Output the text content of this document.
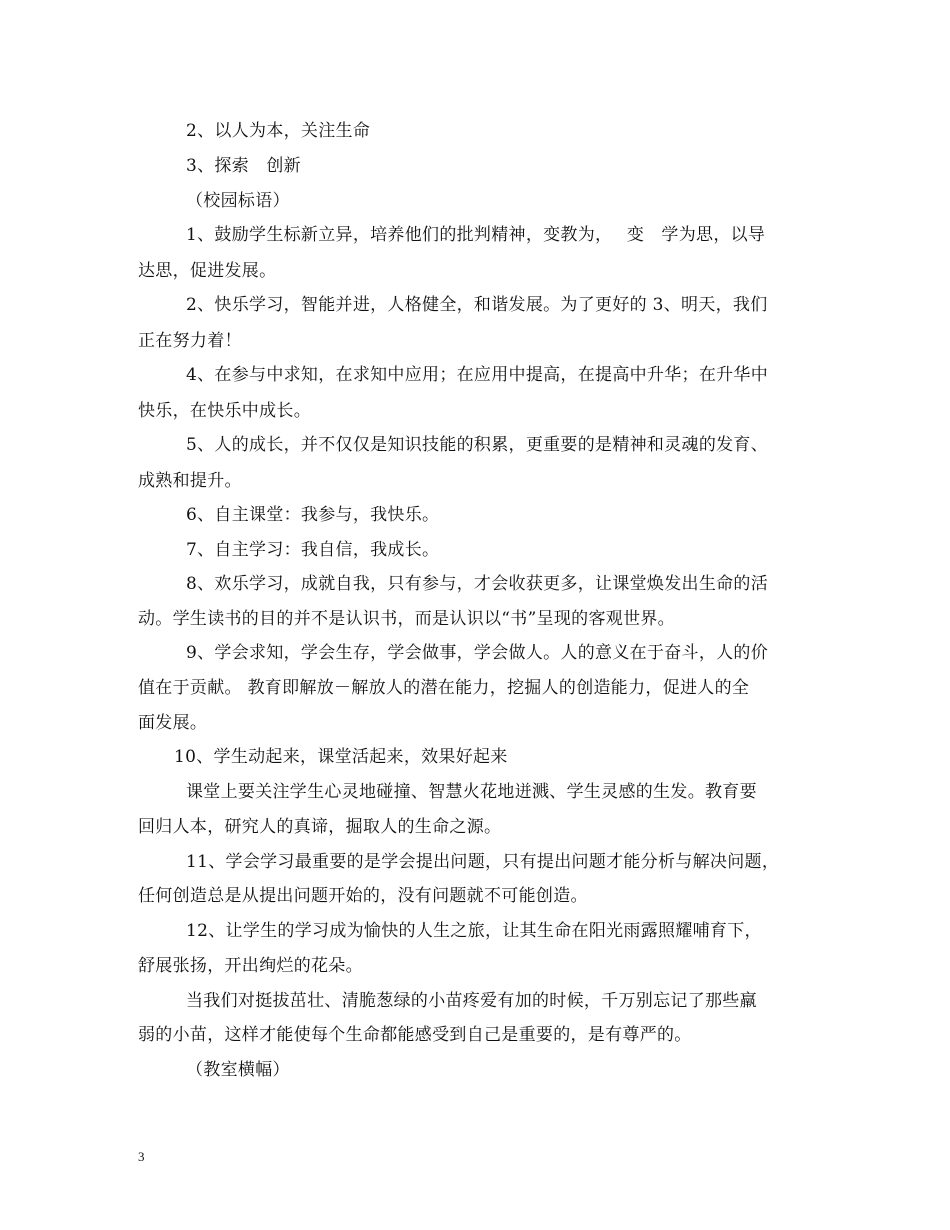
2、以人为本，关注生命
3、探索　创新
（校园标语）
1、鼓励学生标新立异，培养他们的批判精神，变教为，　 变　学为思，以导
达思，促进发展。
2、快乐学习，智能并进，人格健全，和谐发展。为了更好的 3、明天，我们
正在努力着！
4、在参与中求知，在求知中应用；在应用中提高，在提高中升华；在升华中
快乐，在快乐中成长。
5、人的成长，并不仅仅是知识技能的积累，更重要的是精神和灵魂的发育、
成熟和提升。
6、自主课堂：我参与，我快乐。
7、自主学习：我自信，我成长。
8、欢乐学习，成就自我，只有参与，才会收获更多，让课堂焕发出生命的活
动。学生读书的目的并不是认识书，而是认识以“书”呈现的客观世界。
9、学会求知，学会生存，学会做事，学会做人。人的意义在于奋斗，人的价
值在于贡献。 教育即解放－解放人的潜在能力，挖掘人的创造能力，促进人的全
面发展。
10、学生动起来，课堂活起来，效果好起来
课堂上要关注学生心灵地碰撞、智慧火花地迸溅、学生灵感的生发。教育要
回归人本，研究人的真谛，掘取人的生命之源。
11、学会学习最重要的是学会提出问题，只有提出问题才能分析与解决问题，
任何创造总是从提出问题开始的，没有问题就不可能创造。
12、让学生的学习成为愉快的人生之旅，让其生命在阳光雨露照耀哺育下，
舒展张扬，开出绚烂的花朵。
当我们对挺拔茁壮、清脆葱绿的小苗疼爱有加的时候，千万别忘记了那些羸
弱的小苗，这样才能使每个生命都能感受到自己是重要的，是有尊严的。
（教室横幅）
3
